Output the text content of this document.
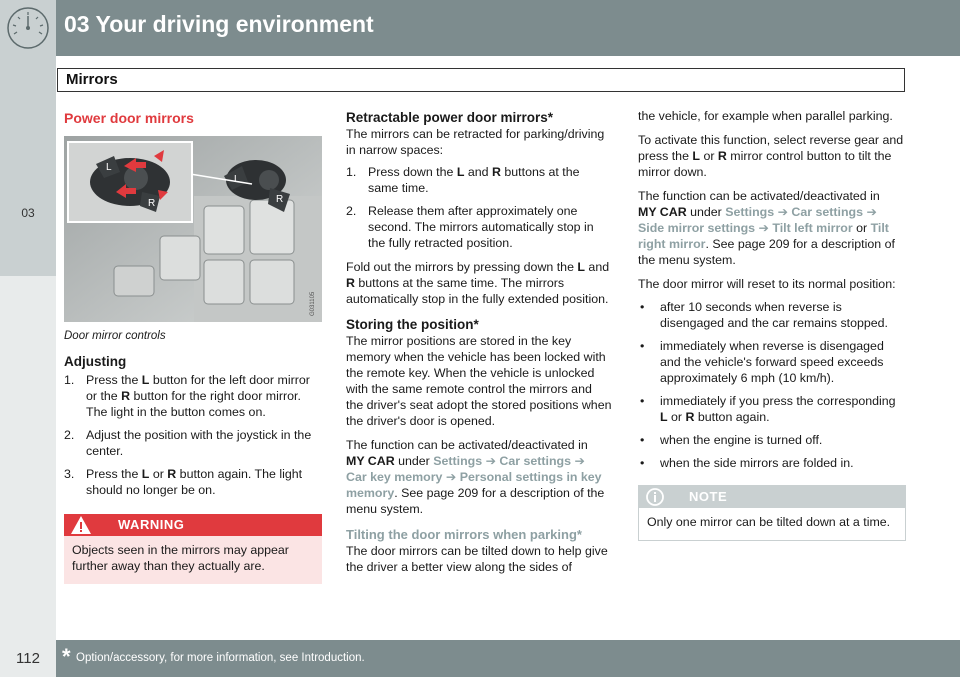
03 Your driving environment
03
Mirrors
Power door mirrors
L
R
L
R
G031105
Door mirror controls
Adjusting
1. Press the L button for the left door mirror or the R button for the right door mirror. The light in the button comes on.
2. Adjust the position with the joystick in the center.
3. Press the L or R button again. The light should no longer be on.
WARNING
Objects seen in the mirrors may appear further away than they actually are.
Retractable power door mirrors*
The mirrors can be retracted for parking/driving in narrow spaces:
1. Press down the L and R buttons at the same time.
2. Release them after approximately one second. The mirrors automatically stop in the fully retracted position.

Fold out the mirrors by pressing down the L and R buttons at the same time. The mirrors automatically stop in the fully extended position.

Storing the position*
The mirror positions are stored in the key memory when the vehicle has been locked with the remote key. When the vehicle is unlocked with the same remote control the mirrors and the driver's seat adopt the stored positions when the driver's door is opened.

The function can be activated/deactivated in
MY CAR under Settings ➔ Car settings ➔
Car key memory ➔ Personal settings in key memory. See page 209 for a description of the menu system.

Tilting the door mirrors when parking*
The door mirrors can be tilted down to help give the driver a better view along the sides of
the vehicle, for example when parallel parking.

To activate this function, select reverse gear and press the L or R mirror control button to tilt the mirror down.

The function can be activated/deactivated in
MY CAR under Settings ➔ Car settings ➔
Side mirror settings ➔ Tilt left mirror or Tilt right mirror. See page 209 for a description of the menu system.

The door mirror will reset to its normal position:

•	after 10 seconds when reverse is disengaged and the car remains stopped.
•	immediately when reverse is disengaged and the vehicle's forward speed exceeds approximately 6 mph (10 km/h).
•	immediately if you press the corresponding L or R button again.
•	when the engine is turned off.
•	when the side mirrors are folded in.
NOTE
Only one mirror can be tilted down at a time.
112	* Option/accessory, for more information, see Introduction.
